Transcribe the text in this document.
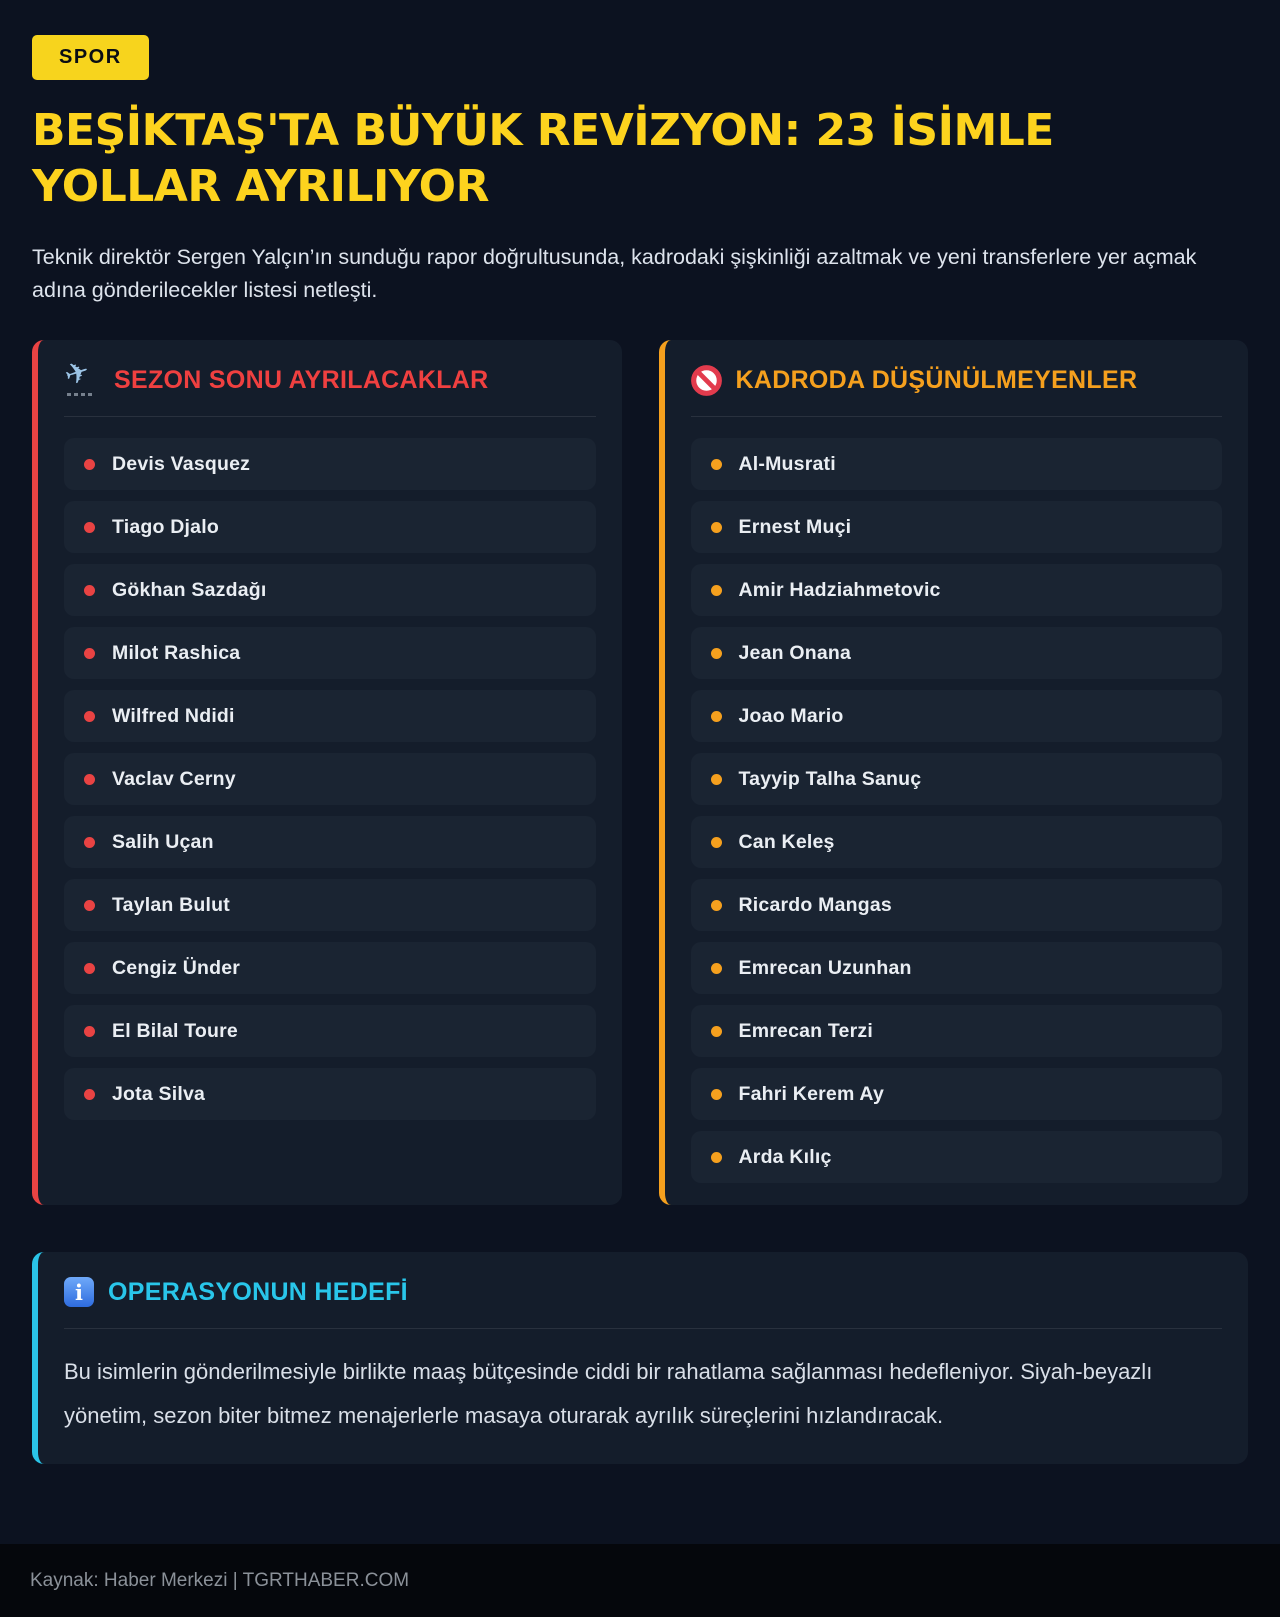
SPOR
BEŞİKTAŞ'TA BÜYÜK REVİZYON: 23 İSİMLE YOLLAR AYRILIYOR

Teknik direktör Sergen Yalçın’ın sunduğu rapor doğrultusunda, kadrodaki şişkinliği azaltmak ve yeni transferlere yer açmak adına gönderilecekler listesi netleşti.

✈ SEZON SONU AYRILACAKLAR
Devis Vasquez
Tiago Djalo
Gökhan Sazdağı
Milot Rashica
Wilfred Ndidi
Vaclav Cerny
Salih Uçan
Taylan Bulut
Cengiz Ünder
El Bilal Toure
Jota Silva
KADRODA DÜŞÜNÜLMEYENLER
Al-Musrati
Ernest Muçi
Amir Hadziahmetovic
Jean Onana
Joao Mario
Tayyip Talha Sanuç
Can Keleş
Ricardo Mangas
Emrecan Uzunhan
Emrecan Terzi
Fahri Kerem Ay
Arda Kılıç
i	OPERASYONUN HEDEFİ

Bu isimlerin gönderilmesiyle birlikte maaş bütçesinde ciddi bir rahatlama sağlanması hedefleniyor. Siyah-beyazlı yönetim, sezon biter bitmez menajerlerle masaya oturarak ayrılık süreçlerini hızlandıracak.

Kaynak: Haber Merkezi | TGRTHABER.COM
